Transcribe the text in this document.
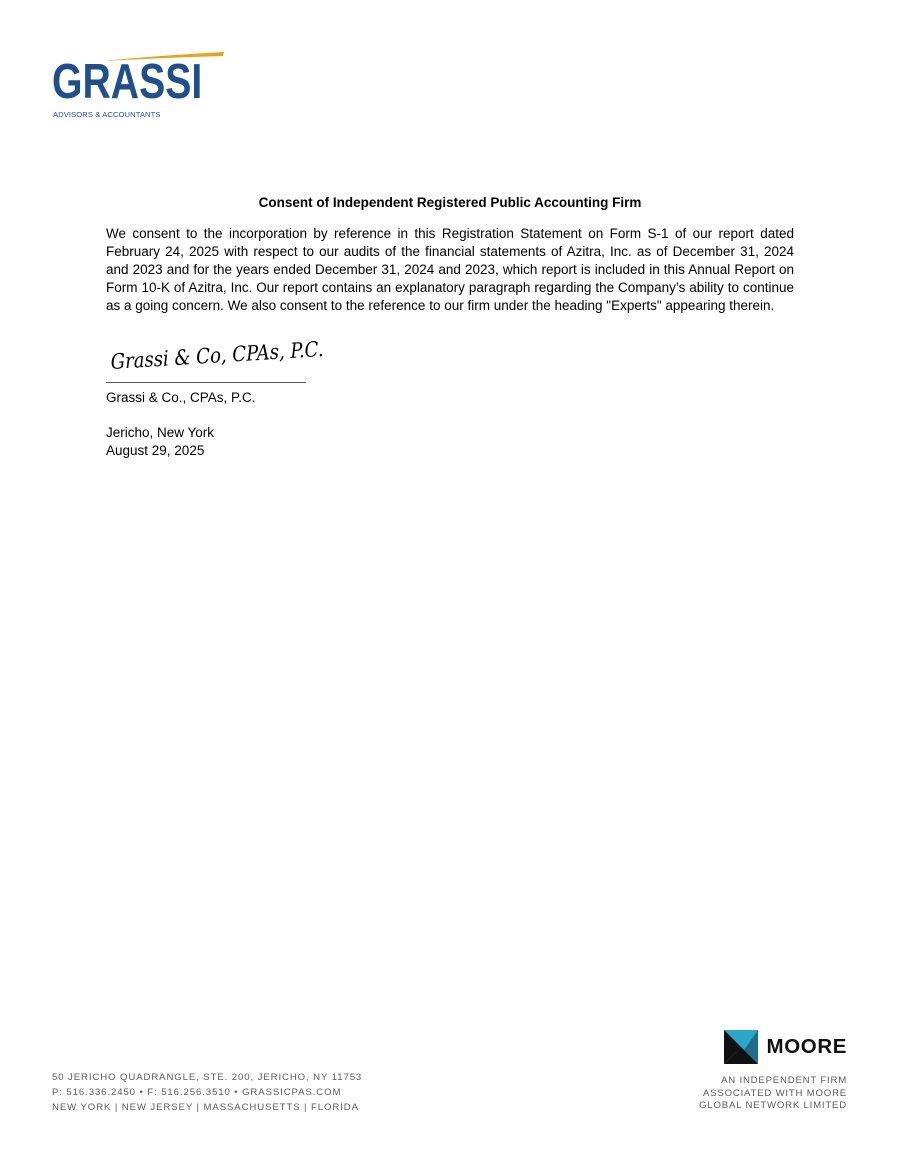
GRASSI
ADVISORS & ACCOUNTANTS
Consent of Independent Registered Public Accounting Firm
We consent to the incorporation by reference in this Registration Statement on Form S-1 of our report dated February 24, 2025 with respect to our audits of the financial statements of Azitra, Inc. as of December 31, 2024 and 2023 and for the years ended December 31, 2024 and 2023, which report is included in this Annual Report on Form 10-K of Azitra, Inc. Our report contains an explanatory paragraph regarding the Company’s ability to continue as a going concern. We also consent to the reference to our firm under the heading "Experts" appearing therein.
Grassi & Co, CPAs, P.C.
Grassi & Co., CPAs, P.C.
Jericho, New York
August 29, 2025
50 JERICHO QUADRANGLE, STE. 200, JERICHO, NY 11753
P: 516.336.2450 • F: 516.256.3510 • GRASSICPAS.COM
NEW YORK | NEW JERSEY | MASSACHUSETTS | FLORIDA
MOORE
AN INDEPENDENT FIRM
ASSOCIATED WITH MOORE
GLOBAL NETWORK LIMITED
